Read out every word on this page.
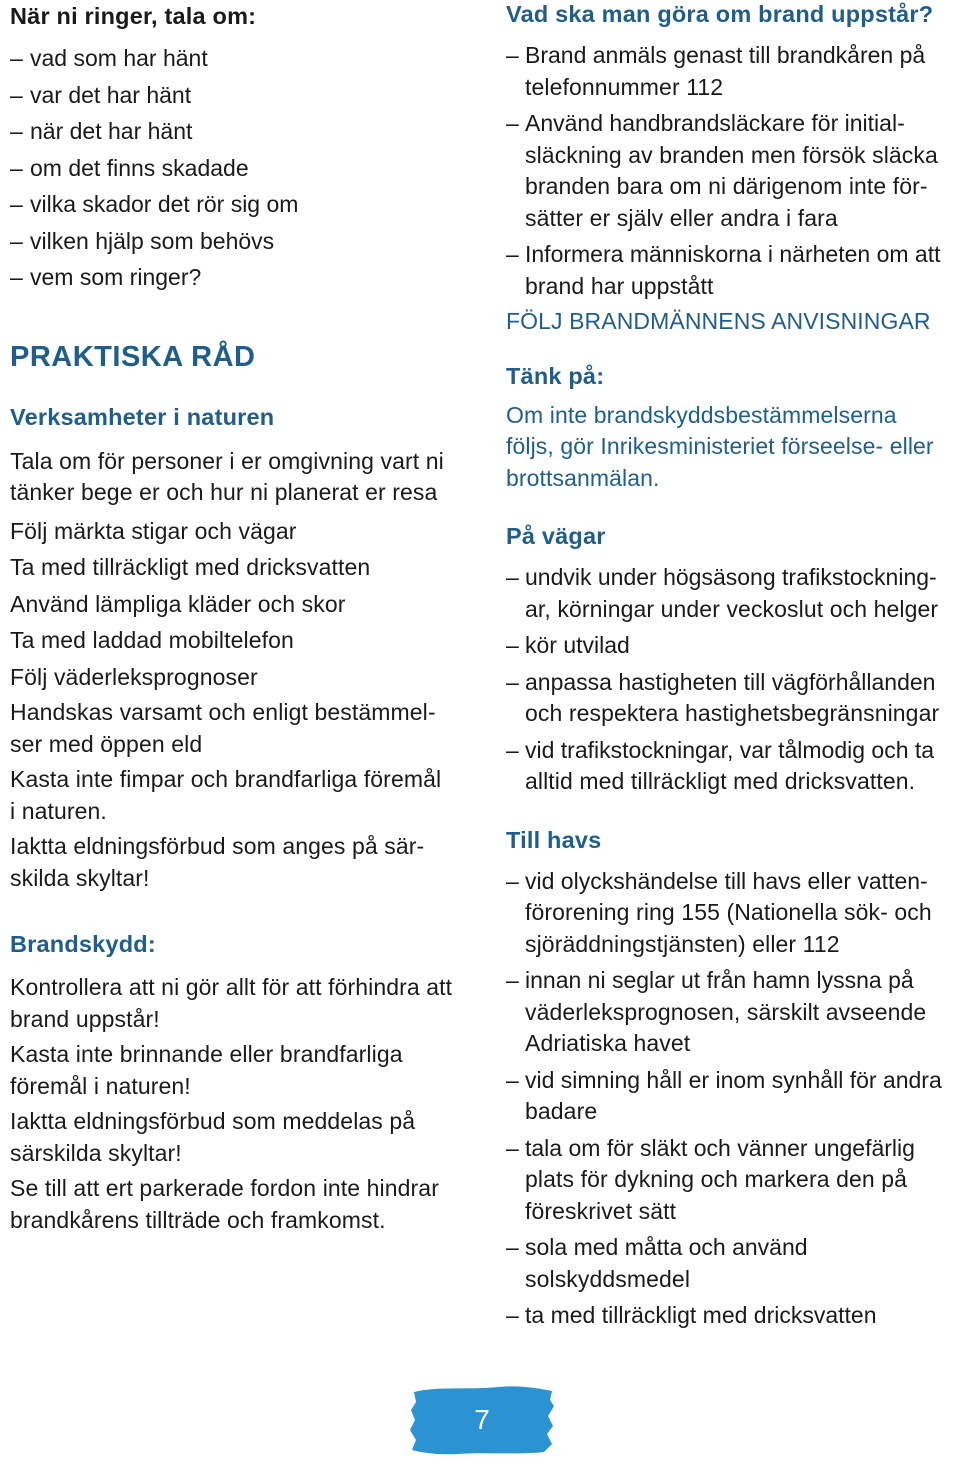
När ni ringer, tala om:

– vad som har hänt

– var det har hänt

– när det har hänt

– om det finns skadade

– vilka skador det rör sig om

– vilken hjälp som behövs

– vem som ringer?

PRAKTISKA RÅD

Verksamheter i naturen

Tala om för personer i er omgivning vart ni

tänker bege er och hur ni planerat er resa

Följ märkta stigar och vägar

Ta med tillräckligt med dricksvatten

Använd lämpliga kläder och skor

Ta med laddad mobiltelefon

Följ väderleksprognoser

Handskas varsamt och enligt bestämmel-

ser med öppen eld

Kasta inte fimpar och brandfarliga föremål

i naturen.

Iaktta eldningsförbud som anges på sär-

skilda skyltar!

Brandskydd:

Kontrollera att ni gör allt för att förhindra att

brand uppstår!

Kasta inte brinnande eller brandfarliga

föremål i naturen!

Iaktta eldningsförbud som meddelas på

särskilda skyltar!

Se till att ert parkerade fordon inte hindrar

brandkårens tillträde och framkomst.

Vad ska man göra om brand uppstår?

– Brand anmäls genast till brandkåren på

telefonnummer 112

– Använd handbrandsläckare för initial-

släckning av branden men försök släcka

branden bara om ni därigenom inte för-

sätter er själv eller andra i fara

– Informera människorna i närheten om att

brand har uppstått

FÖLJ BRANDMÄNNENS ANVISNINGAR

Tänk på:

Om inte brandskyddsbestämmelserna

följs, gör Inrikesministeriet förseelse- eller

brottsanmälan.

På vägar

– undvik under högsäsong trafikstockning-

ar, körningar under veckoslut och helger

– kör utvilad

– anpassa hastigheten till vägförhållanden

och respektera hastighetsbegränsningar

– vid trafikstockningar, var tålmodig och ta

alltid med tillräckligt med dricksvatten.

Till havs

– vid olyckshändelse till havs eller vatten-

förorening ring 155 (Nationella sök- och

sjöräddningstjänsten) eller 112

– innan ni seglar ut från hamn lyssna på

väderleksprognosen, särskilt avseende

Adriatiska havet

– vid simning håll er inom synhåll för andra

badare

– tala om för släkt och vänner ungefärlig

plats för dykning och markera den på

föreskrivet sätt

– sola med måtta och använd

solskyddsmedel

– ta med tillräckligt med dricksvatten

7
